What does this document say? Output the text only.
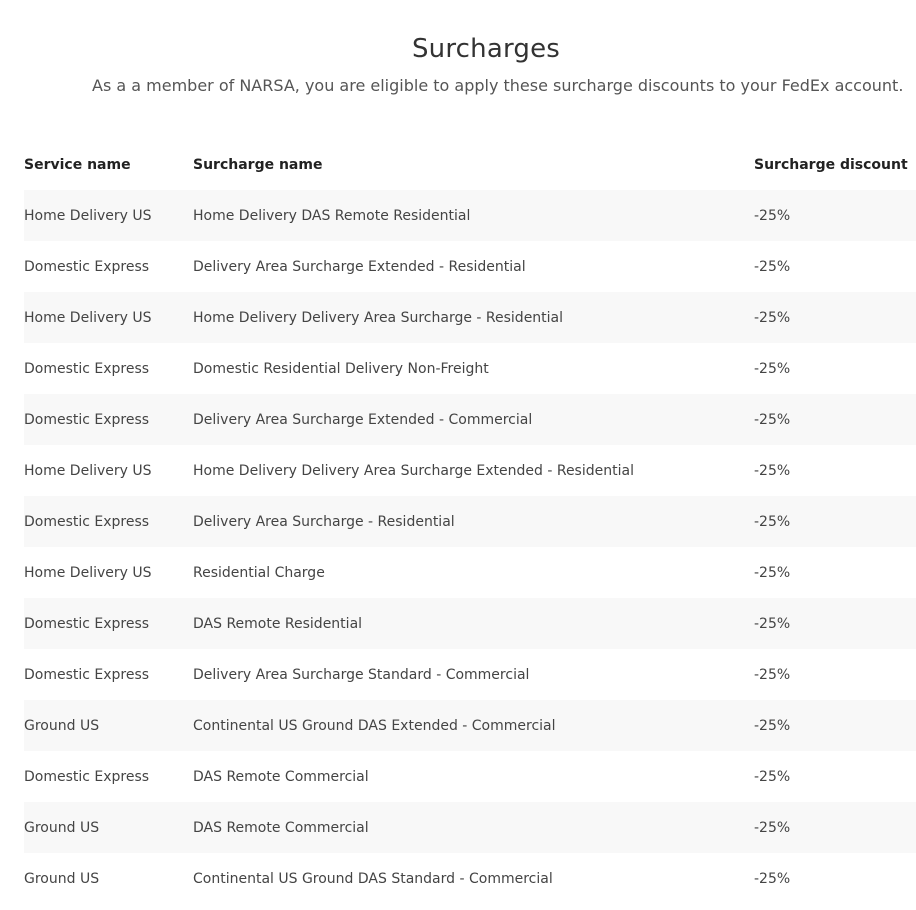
Surcharges
As a a member of NARSA, you are eligible to apply these surcharge discounts to your FedEx account.
Service name	Surcharge name	Surcharge discount
Home Delivery US	Home Delivery DAS Remote Residential	-25%
Domestic Express	Delivery Area Surcharge Extended - Residential	-25%
Home Delivery US	Home Delivery Delivery Area Surcharge - Residential	-25%
Domestic Express	Domestic Residential Delivery Non-Freight	-25%
Domestic Express	Delivery Area Surcharge Extended - Commercial	-25%
Home Delivery US	Home Delivery Delivery Area Surcharge Extended - Residential	-25%
Domestic Express	Delivery Area Surcharge - Residential	-25%
Home Delivery US	Residential Charge	-25%
Domestic Express	DAS Remote Residential	-25%
Domestic Express	Delivery Area Surcharge Standard - Commercial	-25%
Ground US	Continental US Ground DAS Extended - Commercial	-25%
Domestic Express	DAS Remote Commercial	-25%
Ground US	DAS Remote Commercial	-25%
Ground US	Continental US Ground DAS Standard - Commercial	-25%
